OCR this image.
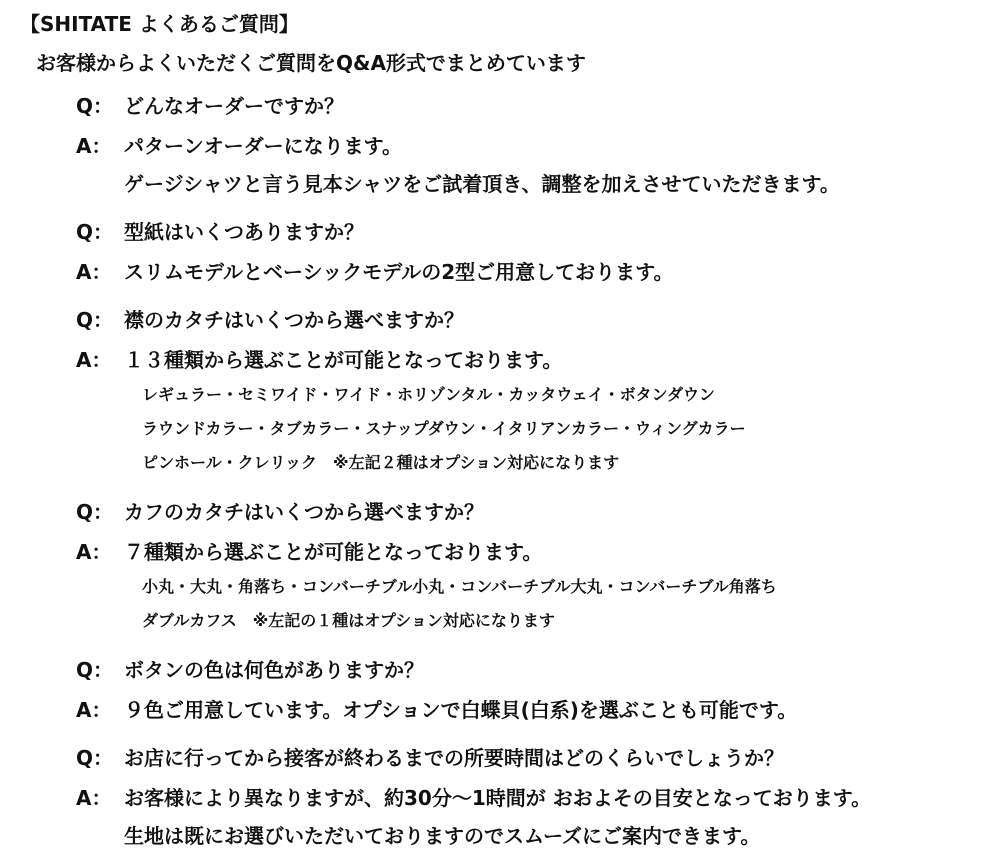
【SHITATE よくあるご質問】
お客様からよくいただくご質問をQ&A形式でまとめています
Q： どんなオーダーですか？
A： パターンオーダーになります。
ゲージシャツと言う見本シャツをご試着頂き、調整を加えさせていただきます。
Q： 型紙はいくつありますか？
A： スリムモデルとベーシックモデルの2型ご用意しております。
Q： 襟のカタチはいくつから選べますか？
A： １３種類から選ぶことが可能となっております。
レギュラー・セミワイド・ワイド・ホリゾンタル・カッタウェイ・ボタンダウン
ラウンドカラー・タブカラー・スナップダウン・イタリアンカラー・ウィングカラー
ピンホール・クレリック　※左記２種はオプション対応になります
Q： カフのカタチはいくつから選べますか？
A： ７種類から選ぶことが可能となっております。
小丸・大丸・角落ち・コンバーチブル小丸・コンバーチブル大丸・コンバーチブル角落ち
ダブルカフス　※左記の１種はオプション対応になります
Q： ボタンの色は何色がありますか？
A： ９色ご用意しています。オプションで白蝶貝(白系)を選ぶことも可能です。
Q： お店に行ってから接客が終わるまでの所要時間はどのくらいでしょうか？
A： お客様により異なりますが、約30分～1時間が おおよその目安となっております。
生地は既にお選びいただいておりますのでスムーズにご案内できます。
